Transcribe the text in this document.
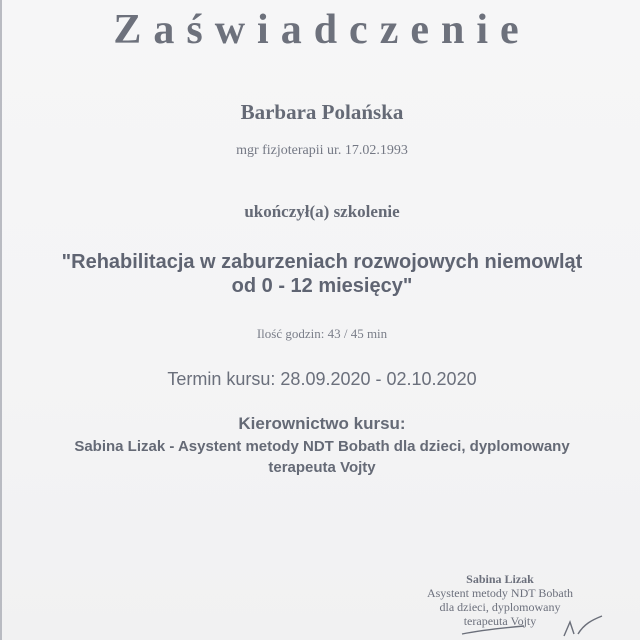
Zaświadczenie
Barbara Polańska
mgr fizjoterapii ur. 17.02.1993
ukończył(a) szkolenie
"Rehabilitacja w zaburzeniach rozwojowych niemowląt
od 0 - 12 miesięcy"
Ilość godzin: 43 / 45 min
Termin kursu: 28.09.2020 - 02.10.2020
Kierownictwo kursu:
Sabina Lizak - Asystent metody NDT Bobath dla dzieci, dyplomowany
terapeuta Vojty
Sabina Lizak
Asystent metody NDT Bobath
dla dzieci, dyplomowany
terapeuta Vojty
